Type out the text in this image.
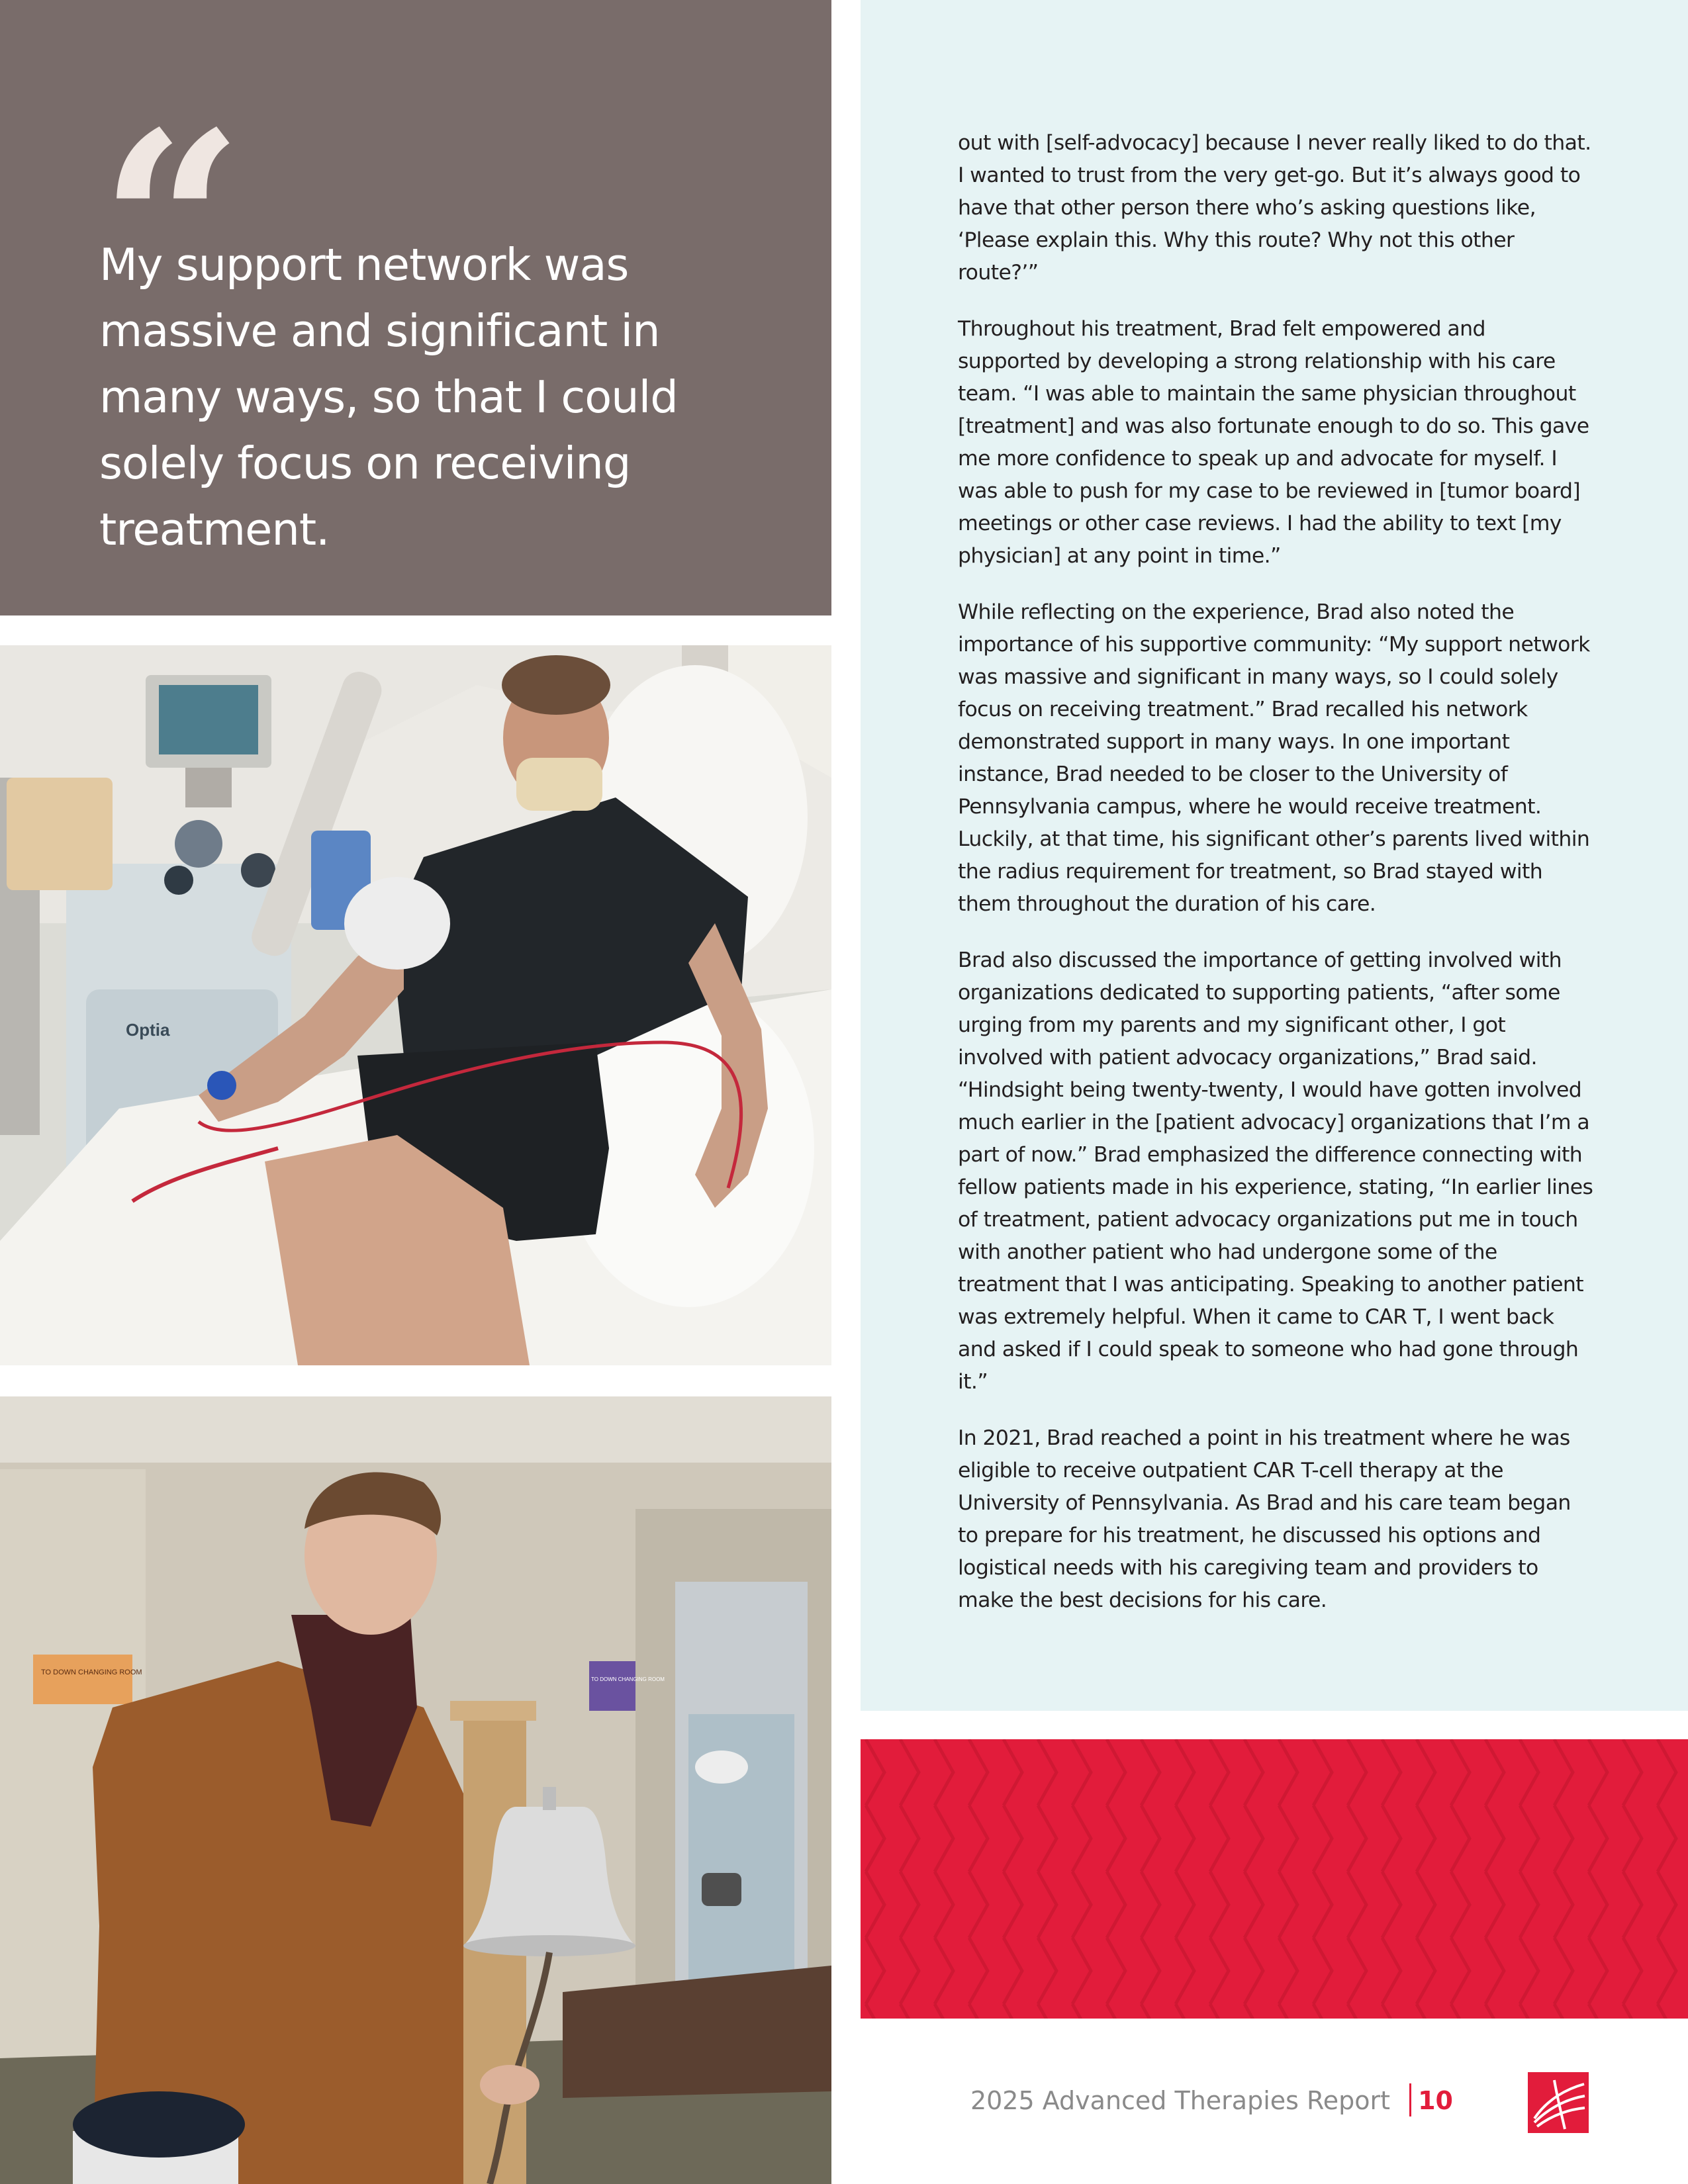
“
My support network was massive and significant in many ways, so that I could solely focus on receiving treatment.
Optia
TO DOWN CHANGING ROOM
TO DOWN CHANGING ROOM

out with [self-advocacy] because I never really liked to do that. I wanted to trust from the very get-go. But it’s always good to have that other person there who’s asking questions like, ‘Please explain this. Why this route? Why not this other route?’”

Throughout his treatment, Brad felt empowered and supported by developing a strong relationship with his care team. “I was able to maintain the same physician throughout [treatment] and was also fortunate enough to do so. This gave me more confidence to speak up and advocate for myself. I was able to push for my case to be reviewed in [tumor board] meetings or other case reviews. I had the ability to text [my physician] at any point in time.”

While reflecting on the experience, Brad also noted the importance of his supportive community: “My support network was massive and significant in many ways, so I could solely focus on receiving treatment.” Brad recalled his network demonstrated support in many ways. In one important instance, Brad needed to be closer to the University of Pennsylvania campus, where he would receive treatment. Luckily, at that time, his significant other’s parents lived within the radius requirement for treatment, so Brad stayed with them throughout the duration of his care.

Brad also discussed the importance of getting involved with organizations dedicated to supporting patients, “after some urging from my parents and my significant other, I got involved with patient advocacy organizations,” Brad said. “Hindsight being twenty-twenty, I would have gotten involved much earlier in the [patient advocacy] organizations that I’m a part of now.” Brad emphasized the difference connecting with fellow patients made in his experience, stating, “In earlier lines of treatment, patient advocacy organizations put me in touch with another patient who had undergone some of the treatment that I was anticipating. Speaking to another patient was extremely helpful. When it came to CAR T, I went back and asked if I could speak to someone who had gone through it.”

In 2021, Brad reached a point in his treatment where he was eligible to receive outpatient CAR T-cell therapy at the University of Pennsylvania. As Brad and his care team began to prepare for his treatment, he discussed his options and logistical needs with his caregiving team and providers to make the best decisions for his care.

2025 Advanced Therapies Report 10
